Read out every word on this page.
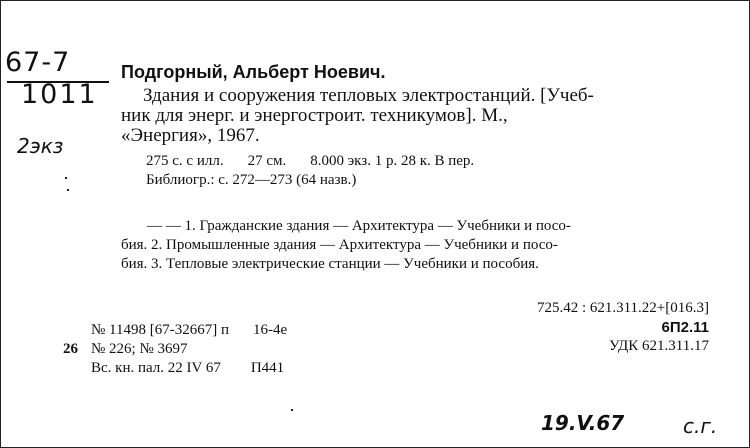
67-7
1011
2экз
Подгорный, Альберт Ноевич.
Здания и сооружения тепловых электростанций. [Учеб-
ник для энерг. и энергостроит. техникумов]. М.,
«Энергия», 1967.
275 с. с илл. 27 см. 8.000 экз. 1 р. 28 к. В пер.
Библиогр.: с. 272—273 (64 назв.)
— — 1. Гражданские здания — Архитектура — Учебники и посо-
бия. 2. Промышленные здания — Архитектура — Учебники и посо-
бия. 3. Тепловые электрические станции — Учебники и пособия.
725.42 : 621.311.22+[016.3]
6П2.11
УДК 621.311.17
№ 11498 [67-32667] п 16-4е
26 № 226; № 3697
Вс. кн. пал. 22 IV 67 П441
19.V.67	с.г.
